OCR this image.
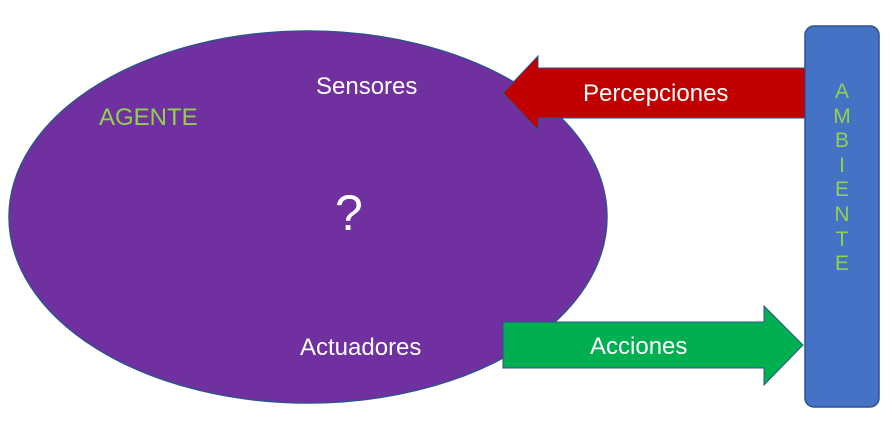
AGENTE
Sensores
?
Actuadores
Percepciones
Acciones
A
M
B
I
E
N
T
E
